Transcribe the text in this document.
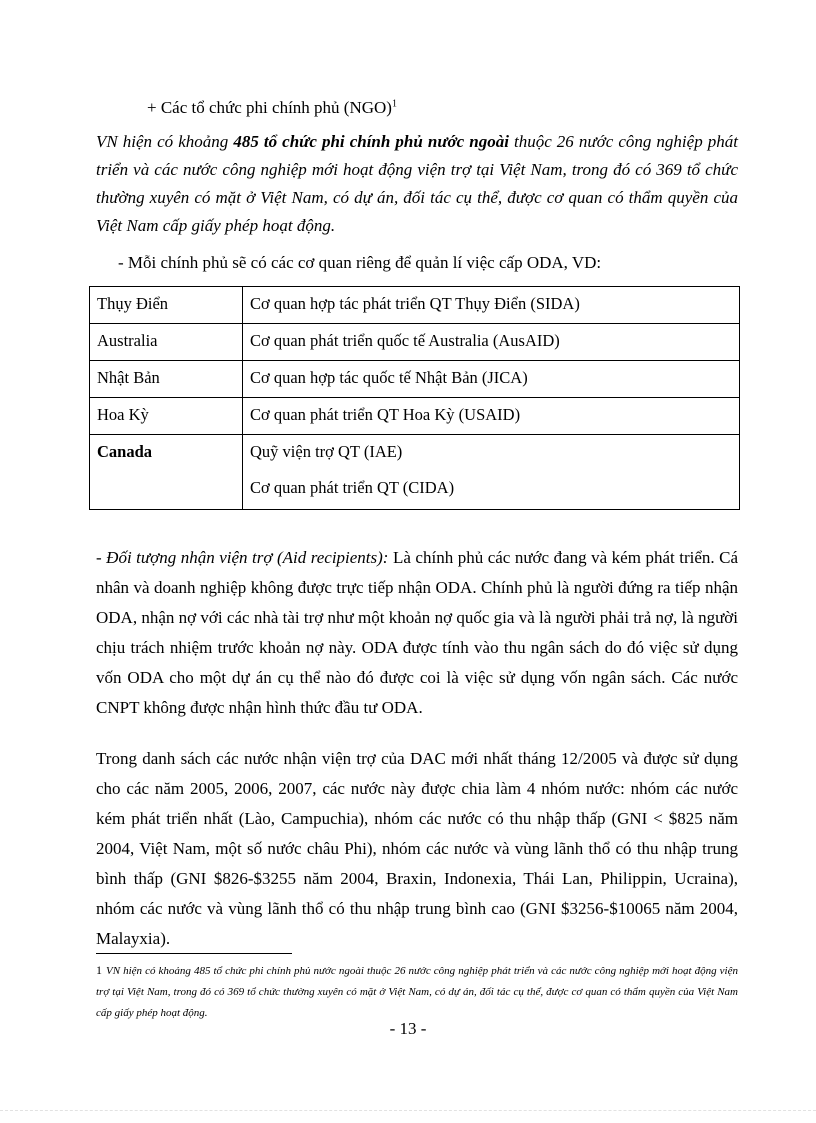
+ Các tổ chức phi chính phủ (NGO)$^1$

VN hiện có khoảng 485 tổ chức phi chính phủ nước ngoài thuộc 26 nước công nghiệp phát triển và các nước công nghiệp mới hoạt động viện trợ tại Việt Nam, trong đó có 369 tổ chức thường xuyên có mặt ở Việt Nam, có dự án, đối tác cụ thể, được cơ quan có thẩm quyền của Việt Nam cấp giấy phép hoạt động.

- Mỗi chính phủ sẽ có các cơ quan riêng để quản lí việc cấp ODA, VD:
Thụy Điển	Cơ quan hợp tác phát triển QT Thụy Điển (SIDA)
Australia	Cơ quan phát triển quốc tế Australia (AusAID)
Nhật Bản	Cơ quan hợp tác quốc tế Nhật Bản (JICA)
Hoa Kỳ	Cơ quan phát triển QT Hoa Kỳ (USAID)
Canada	Quỹ viện trợ QT (IAE)
Cơ quan phát triển QT (CIDA)

- Đối tượng nhận viện trợ (Aid recipients): Là chính phủ các nước đang và kém phát triển. Cá nhân và doanh nghiệp không được trực tiếp nhận ODA. Chính phủ là người đứng ra tiếp nhận ODA, nhận nợ với các nhà tài trợ như một khoản nợ quốc gia và là người phải trả nợ, là người chịu trách nhiệm trước khoản nợ này. ODA được tính vào thu ngân sách do đó việc sử dụng vốn ODA cho một dự án cụ thể nào đó được coi là việc sử dụng vốn ngân sách. Các nước CNPT không được nhận hình thức đầu tư ODA.

Trong danh sách các nước nhận viện trợ của DAC mới nhất tháng 12/2005 và được sử dụng cho các năm 2005, 2006, 2007, các nước này được chia làm 4 nhóm nước: nhóm các nước kém phát triển nhất (Lào, Campuchia), nhóm các nước có thu nhập thấp (GNI < $825 năm 2004, Việt Nam, một số nước châu Phi), nhóm các nước và vùng lãnh thổ có thu nhập trung bình thấp (GNI $826-$3255 năm 2004, Braxin, Indonexia, Thái Lan, Philippin, Ucraina), nhóm các nước và vùng lãnh thổ có thu nhập trung bình cao (GNI $3256-$10065 năm 2004, Malayxia).

1 VN hiện có khoảng 485 tổ chức phi chính phủ nước ngoài thuộc 26 nước công nghiệp phát triển và các nước công nghiệp mới hoạt động viện trợ tại Việt Nam, trong đó có 369 tổ chức thường xuyên có mặt ở Việt Nam, có dự án, đối tác cụ thể, được cơ quan có thẩm quyền của Việt Nam cấp giấy phép hoạt động.

- 13 -
